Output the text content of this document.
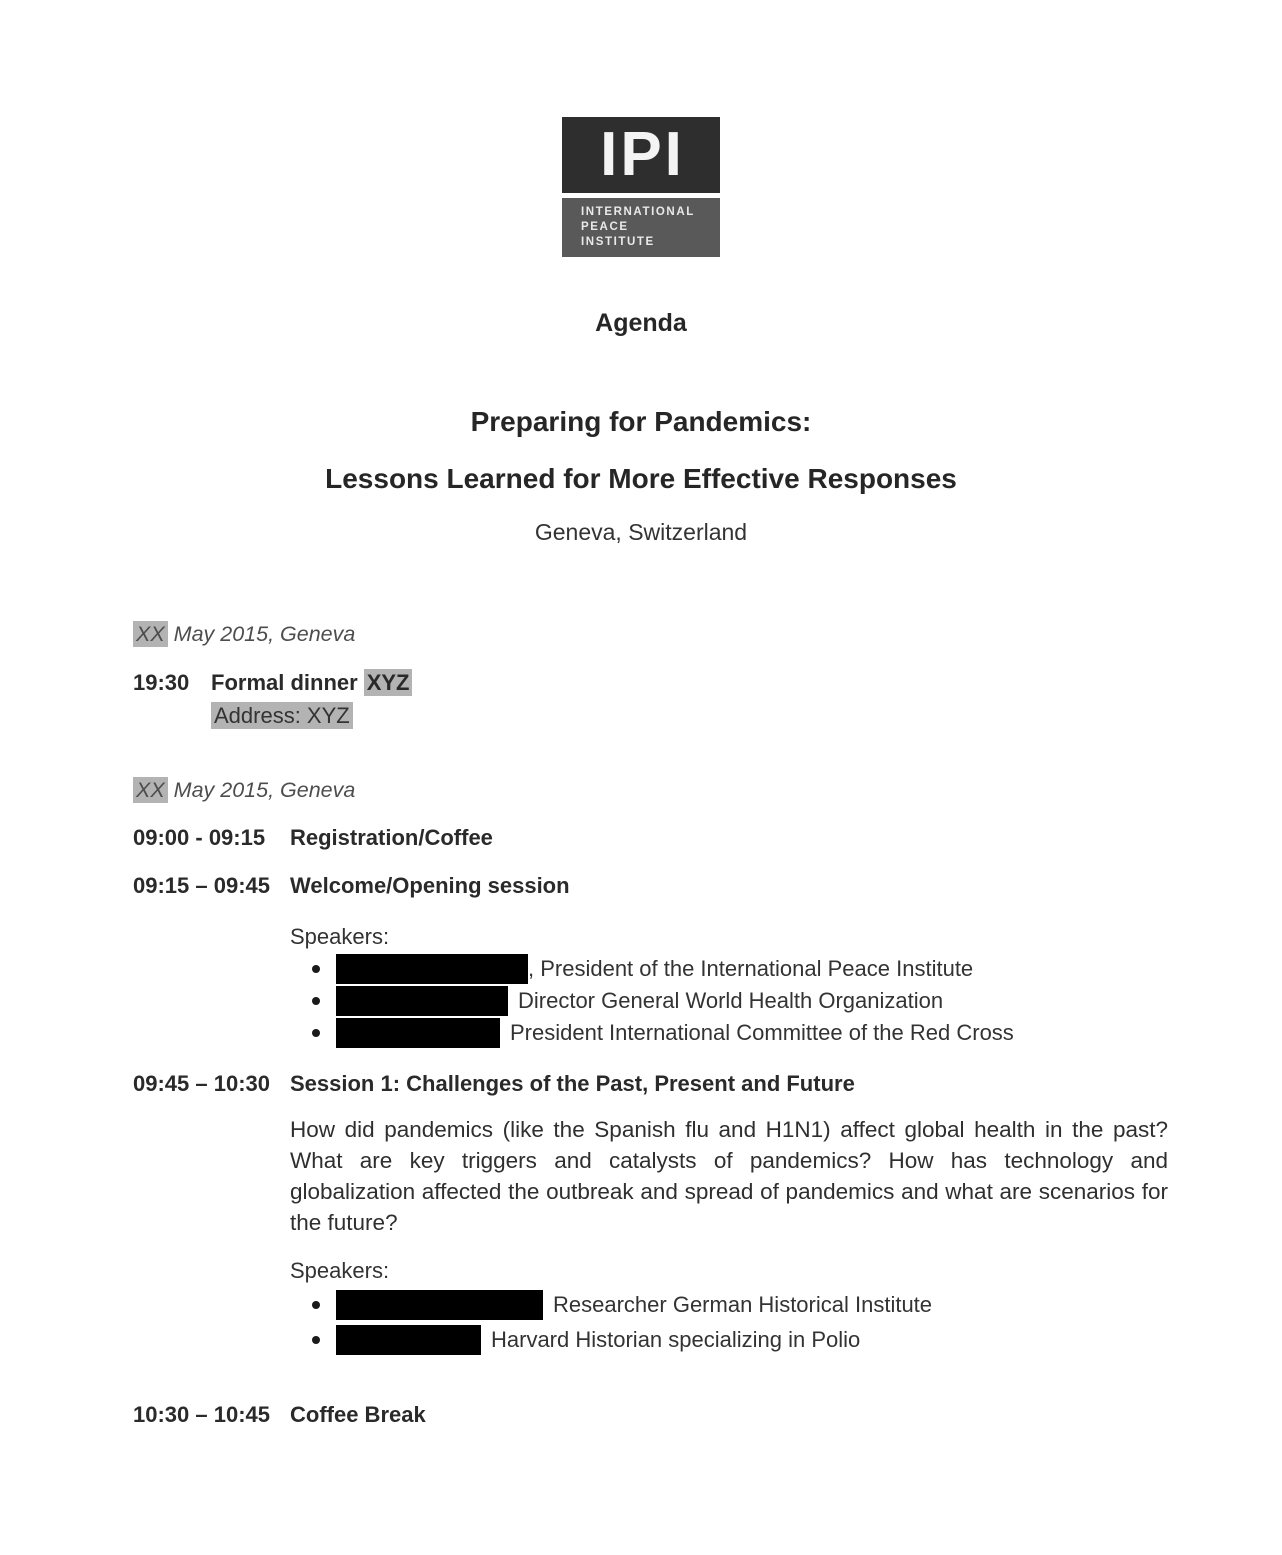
IPI
INTERNATIONAL
PEACE
INSTITUTE
Agenda
Preparing for Pandemics:
Lessons Learned for More Effective Responses
Geneva, Switzerland
XX May 2015, Geneva
19:30 Formal dinner XYZ
Address: XYZ
XX May 2015, Geneva
09:00 - 09:15	Registration/Coffee
09:15 – 09:45 Welcome/Opening session
Speakers:
, President of the International Peace Institute
Director General World Health Organization
President International Committee of the Red Cross
09:45 – 10:30 Session 1: Challenges of the Past, Present and Future
How did pandemics (like the Spanish flu and H1N1) affect global health in the past? What are key triggers and catalysts of pandemics? How has technology and globalization affected the outbreak and spread of pandemics and what are scenarios for the future?
Speakers:
Researcher German Historical Institute
Harvard Historian specializing in Polio
10:30 – 10:45 Coffee Break
